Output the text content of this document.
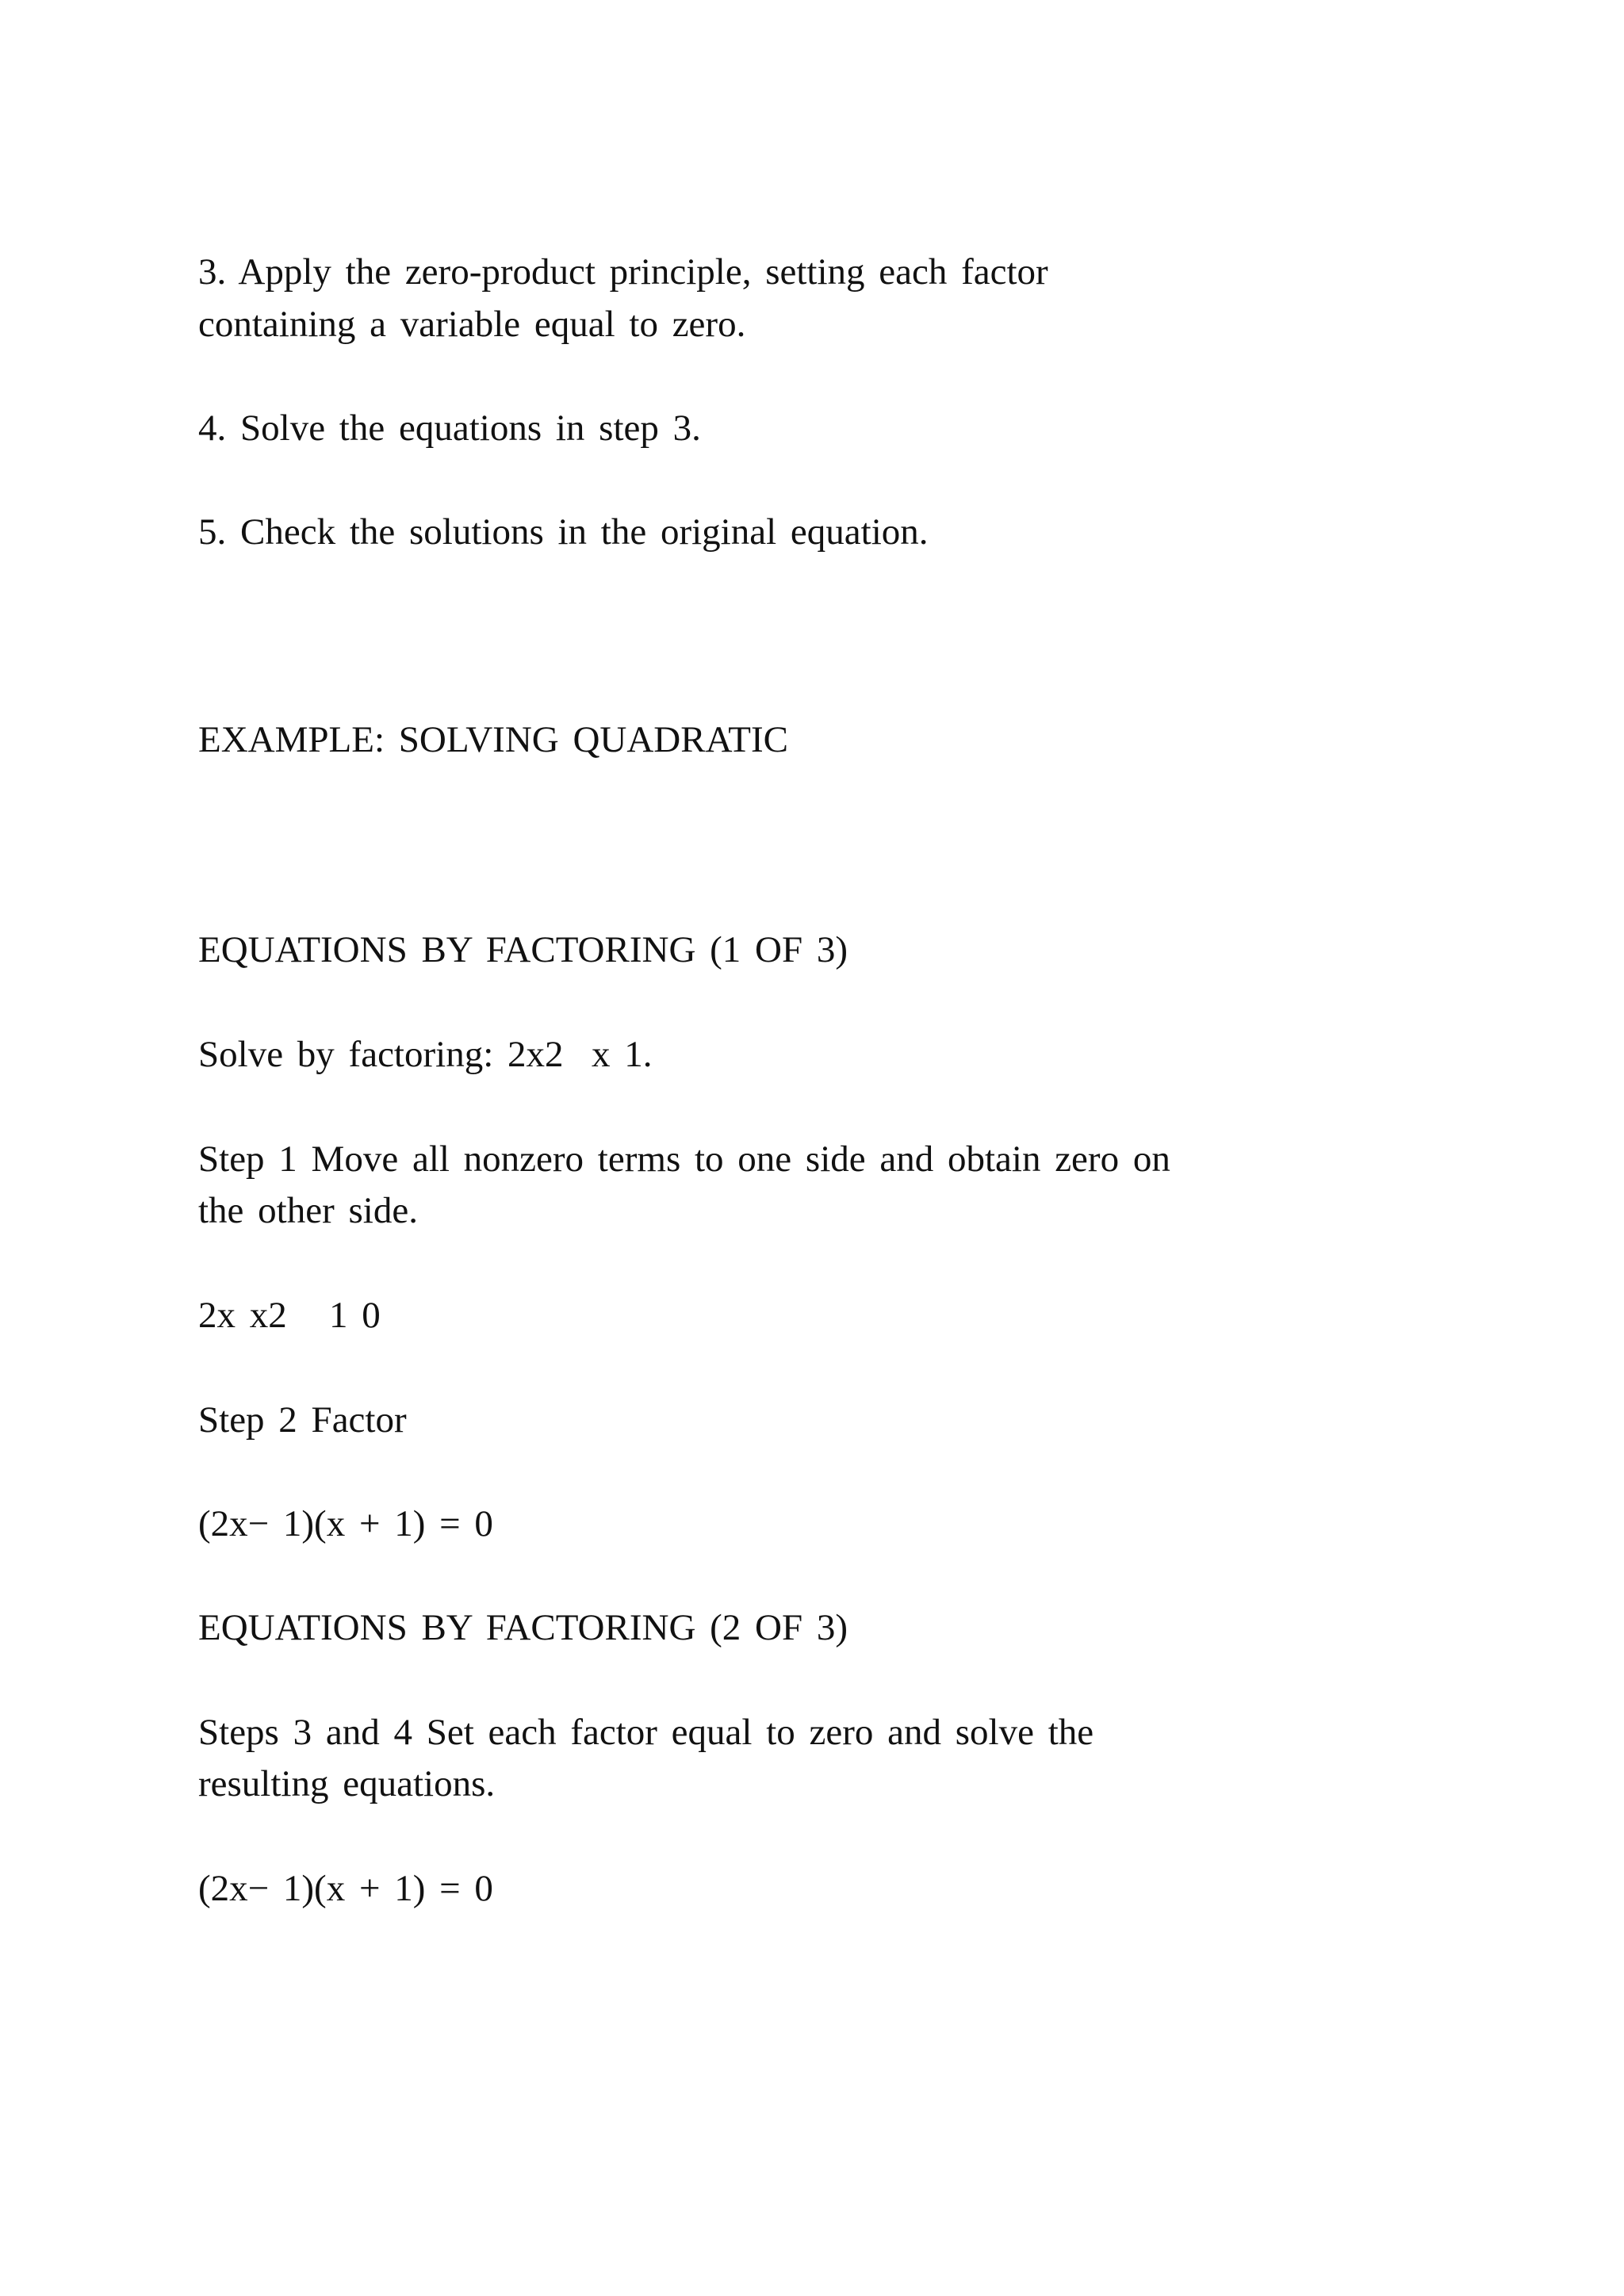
3. Apply the zero-product principle, setting each factor

containing a variable equal to zero.

4. Solve the equations in step 3.

5. Check the solutions in the original equation.

EXAMPLE: SOLVING QUADRATIC

EQUATIONS BY FACTORING (1 OF 3)

Solve by factoring: 2x2  x 1.

Step 1 Move all nonzero terms to one side and obtain zero on

the other side.

2x x2   1 0

Step 2 Factor

(2x− 1)(x + 1) = 0

EQUATIONS BY FACTORING (2 OF 3)

Steps 3 and 4 Set each factor equal to zero and solve the

resulting equations.

(2x− 1)(x + 1) = 0
